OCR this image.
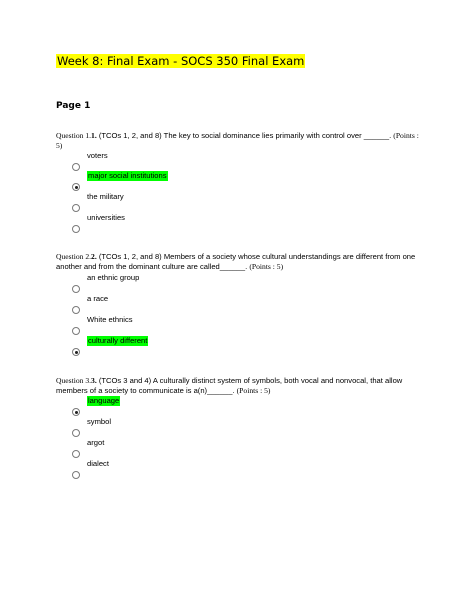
Week 8: Final Exam - SOCS 350 Final Exam
Page 1
Question 1.1. (TCOs 1, 2, and 8) The key to social dominance lies primarily with control over ______. (Points : 5)
voters
major social institutions
the military
universities
Question 2.2. (TCOs 1, 2, and 8) Members of a society whose cultural understandings are different from one another and from the dominant culture are called______. (Points : 5)
an ethnic group
a race
White ethnics
culturally different
Question 3.3. (TCOs 3 and 4) A culturally distinct system of symbols, both vocal and nonvocal, that allow members of a society to communicate is a(n)______. (Points : 5)
language
symbol
argot
dialect
